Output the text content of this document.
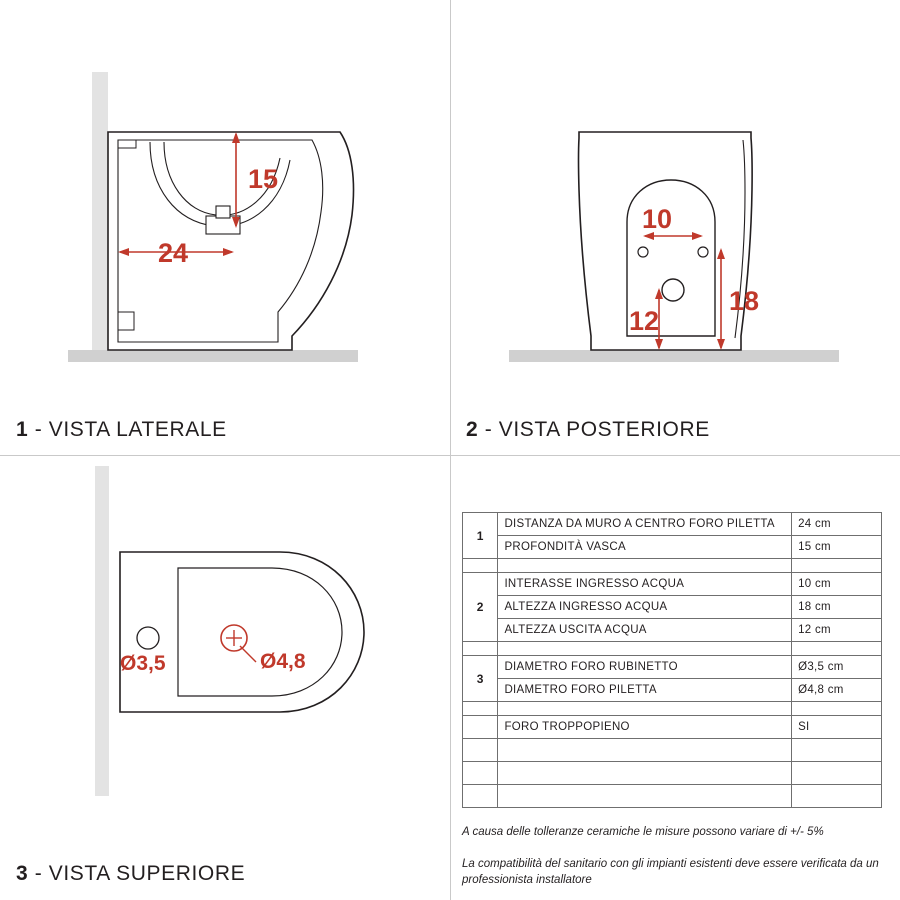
15
24
1 - VISTA LATERALE
10
18
12
2 - VISTA POSTERIORE
Ø4,8
Ø3,5
3 - VISTA SUPERIORE
1	DISTANZA DA MURO A CENTRO FORO PILETTA	24 cm
	PROFONDITÀ VASCA	15 cm

2	INTERASSE INGRESSO ACQUA	10 cm
	ALTEZZA INGRESSO ACQUA	18 cm
	ALTEZZA USCITA ACQUA	12 cm

3	DIAMETRO FORO RUBINETTO	Ø3,5 cm
	DIAMETRO FORO PILETTA	Ø4,8 cm

	FORO TROPPOPIENO	SI

A causa delle tolleranze ceramiche le misure possono variare di +/- 5%
La compatibilità del sanitario con gli impianti esistenti deve essere verificata da un professionista installatore
